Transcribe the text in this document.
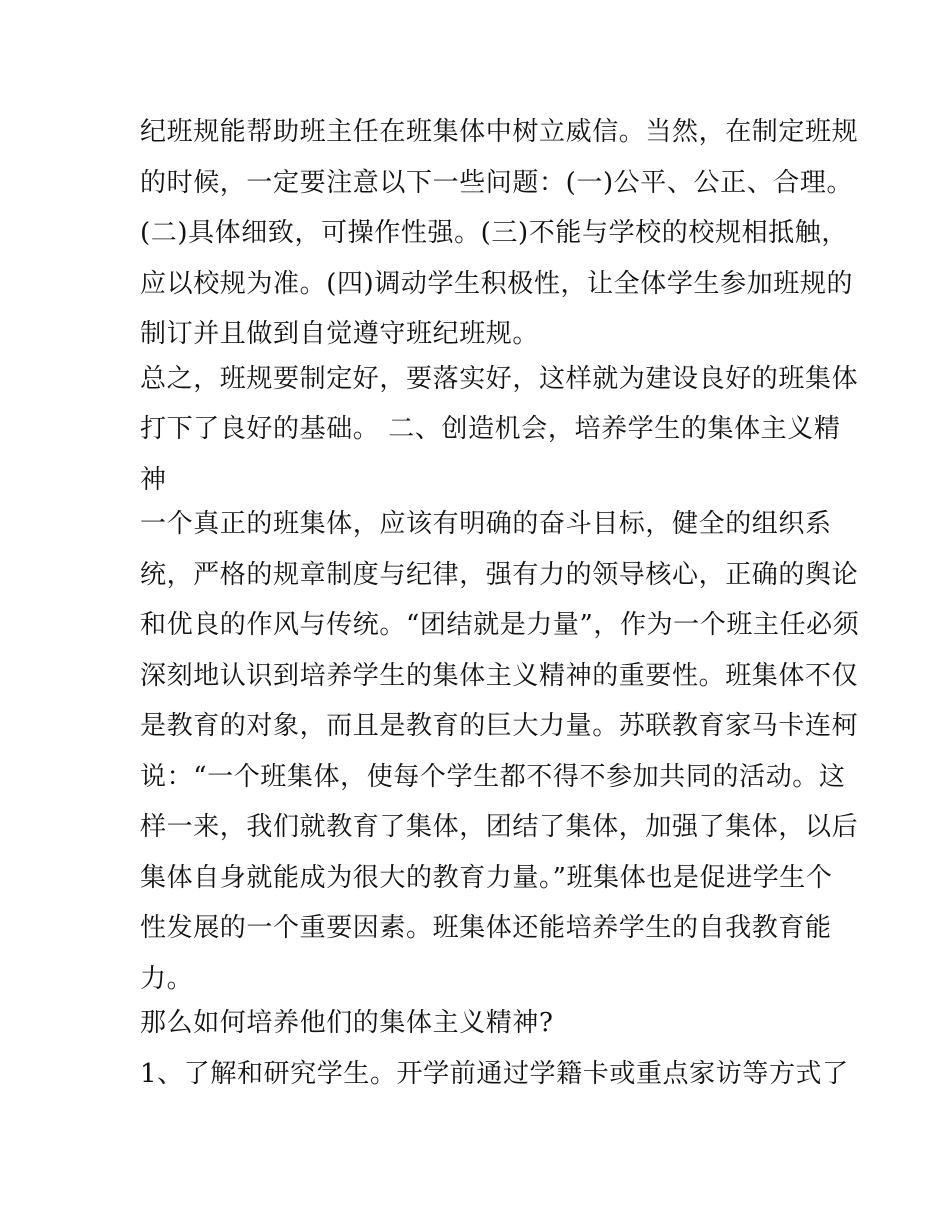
纪班规能帮助班主任在班集体中树立威信。当然，在制定班规
的时候，一定要注意以下一些问题：(一)公平、公正、合理。
(二)具体细致，可操作性强。(三)不能与学校的校规相抵触，
应以校规为准。(四)调动学生积极性，让全体学生参加班规的
制订并且做到自觉遵守班纪班规。
总之，班规要制定好，要落实好，这样就为建设良好的班集体
打下了良好的基础。 二、创造机会，培养学生的集体主义精
神
一个真正的班集体，应该有明确的奋斗目标，健全的组织系
统，严格的规章制度与纪律，强有力的领导核心，正确的舆论
和优良的作风与传统。“团结就是力量”，作为一个班主任必须
深刻地认识到培养学生的集体主义精神的重要性。班集体不仅
是教育的对象，而且是教育的巨大力量。苏联教育家马卡连柯
说：“一个班集体，使每个学生都不得不参加共同的活动。这
样一来，我们就教育了集体，团结了集体，加强了集体，以后
集体自身就能成为很大的教育力量。”班集体也是促进学生个
性发展的一个重要因素。班集体还能培养学生的自我教育能
力。
那么如何培养他们的集体主义精神?
1、了解和研究学生。开学前通过学籍卡或重点家访等方式了
